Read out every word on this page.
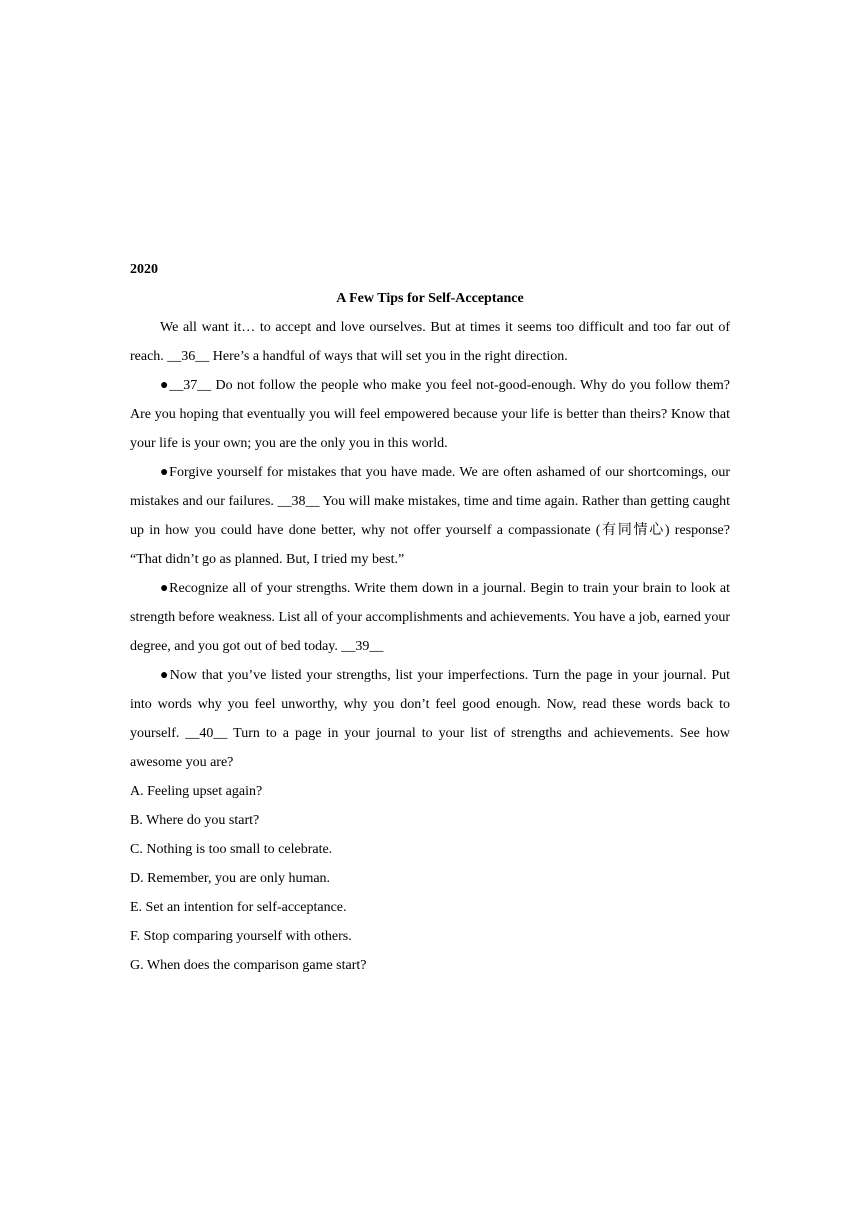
2020

A Few Tips for Self-Acceptance

We all want it… to accept and love ourselves. But at times it seems too difficult and too far out of reach. __36__ Here’s a handful of ways that will set you in the right direction.

●__37__ Do not follow the people who make you feel not-good-enough. Why do you follow them? Are you hoping that eventually you will feel empowered because your life is better than theirs? Know that your life is your own; you are the only you in this world.

●Forgive yourself for mistakes that you have made. We are often ashamed of our shortcomings, our mistakes and our failures. __38__ You will make mistakes, time and time again. Rather than getting caught up in how you could have done better, why not offer yourself a compassionate (有同情心) response? “That didn’t go as planned. But, I tried my best.”

●Recognize all of your strengths. Write them down in a journal. Begin to train your brain to look at strength before weakness. List all of your accomplishments and achievements. You have a job, earned your degree, and you got out of bed today. __39__

●Now that you’ve listed your strengths, list your imperfections. Turn the page in your journal. Put into words why you feel unworthy, why you don’t feel good enough. Now, read these words back to yourself. __40__ Turn to a page in your journal to your list of strengths and achievements. See how awesome you are?

A. Feeling upset again?
B. Where do you start?
C. Nothing is too small to celebrate.
D. Remember, you are only human.
E. Set an intention for self-acceptance.
F. Stop comparing yourself with others.
G. When does the comparison game start?
